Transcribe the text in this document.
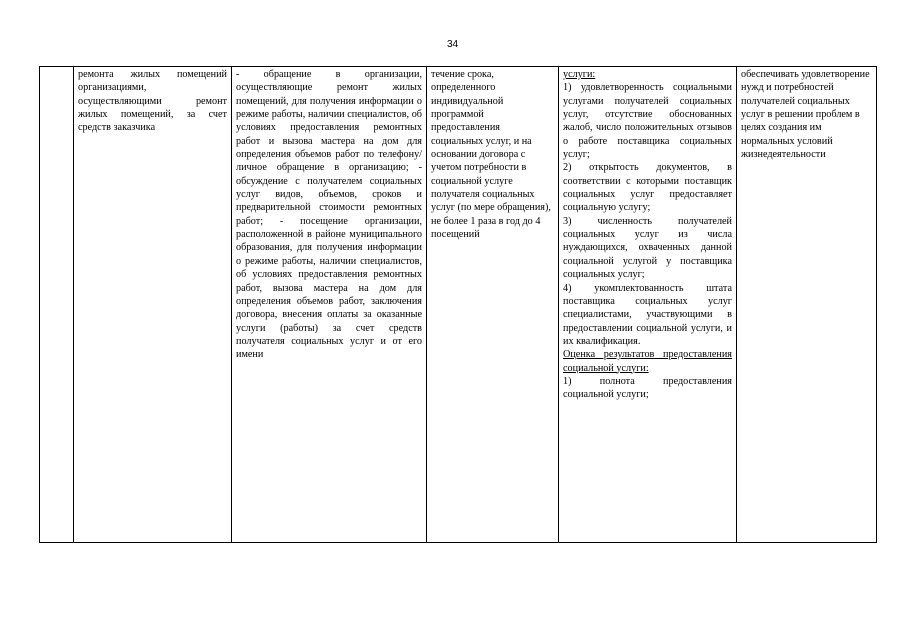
34
	ремонта жилых помещений организациями, осуществляющими ремонт жилых помещений, за счет средств заказчика	- обращение в организации, осуществляющие ремонт жилых помещений, для получения информации о режиме работы, наличии специалистов, об условиях предоставления ремонтных работ и вызова мастера на дом для определения объемов работ по телефону/ личное обращение в организацию; - обсуждение с получателем социальных услуг видов, объемов, сроков и предварительной стоимости ремонтных работ; - посещение организации, расположенной в районе муниципального образования, для получения информации о режиме работы, наличии специалистов, об условиях предоставления ремонтных работ, вызова мастера на дом для определения объемов работ, заключения договора, внесения оплаты за оказанные услуги (работы) за счет средств получателя социальных услуг и от его имени	течение срока, определенного индивидуальной программой предоставления социальных услуг, и на основании договора с учетом потребности в социальной услуге получателя социальных услуг (по мере обращения), не более 1 раза в год до 4 посещений	услуги:
1) удовлетворенность социальными услугами получателей социальных услуг, отсутствие обоснованных жалоб, число положительных отзывов о работе поставщика социальных услуг;
2) открытость документов, в соответствии с которыми поставщик социальных услуг предоставляет социальную услугу;
3) численность получателей социальных услуг из числа нуждающихся, охваченных данной социальной услугой у поставщика социальных услуг;
4) укомплектованность штата поставщика социальных услуг специалистами, участвующими в предоставлении социальной услуги, и их квалификация.
Оценка результатов предоставления социальной услуги:
1) полнота предоставления социальной услуги;	обеспечивать удовлетворение нужд и потребностей получателей социальных услуг в решении проблем в целях создания им нормальных условий жизнедеятельности
